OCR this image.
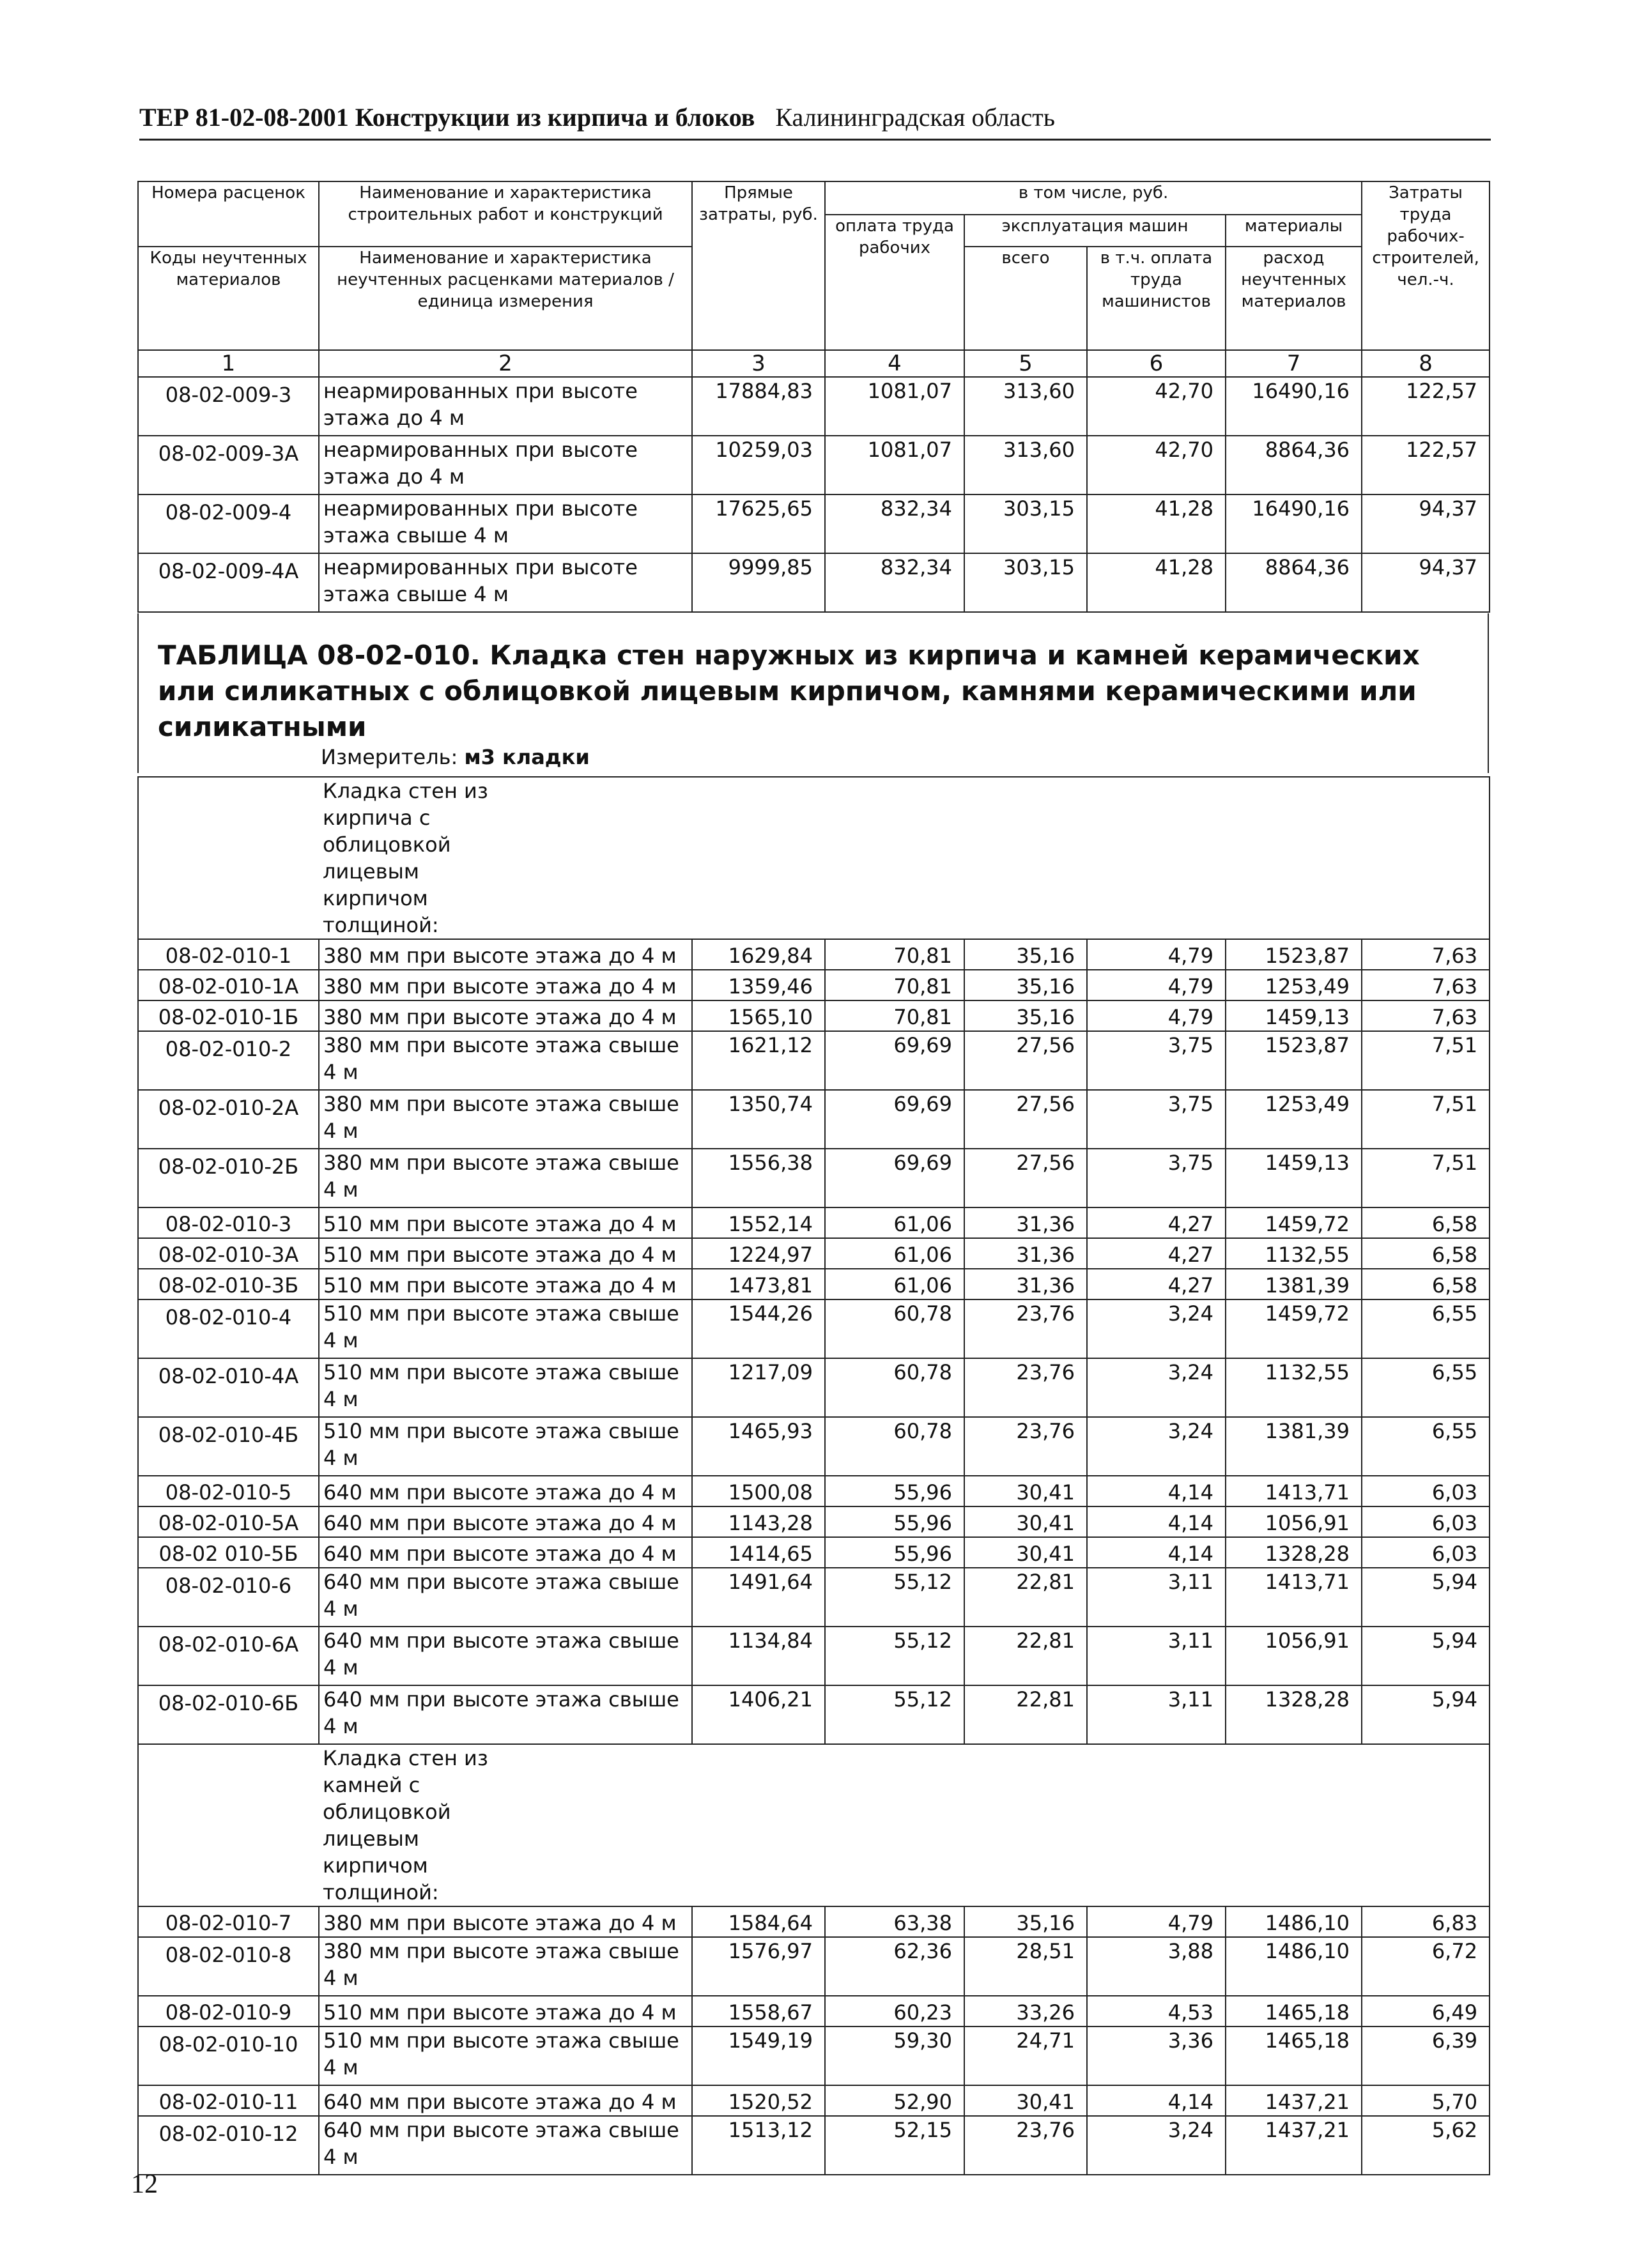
ТЕР 81-02-08-2001 Конструкции из кирпича и блоков Калининградская область
Номера расценок	Наименование и характеристика строительных работ и конструкций	Прямые затраты, руб.	в том числе, руб.				Затраты труда рабочих-строителей, чел.-ч.
			оплата труда рабочих	эксплуатация машин		материалы	
Коды неучтенных материалов	Наименование и характеристика неучтенных расценками материалов / единица измерения			всего	в т.ч. оплата труда машинистов	расход неучтенных материалов	

1	2	3	4	5	6	7	8
08-02-009-3	неармированных при высоте этажа до 4 м	17884,83	1081,07	313,60	42,70	16490,16	122,57
08-02-009-3А	неармированных при высоте этажа до 4 м	10259,03	1081,07	313,60	42,70	8864,36	122,57
08-02-009-4	неармированных при высоте этажа свыше 4 м	17625,65	832,34	303,15	41,28	16490,16	94,37
08-02-009-4А	неармированных при высоте этажа свыше 4 м	9999,85	832,34	303,15	41,28	8864,36	94,37
ТАБЛИЦА 08-02-010. Кладка стен наружных из кирпича и камней керамических или силикатных с облицовкой лицевым кирпичом, камнями керамическими или силикатными
Измеритель: м3 кладки
	Кладка стен из кирпича с облицовкой лицевым кирпичом толщиной:						
08-02-010-1	380 мм при высоте этажа до 4 м	1629,84	70,81	35,16	4,79	1523,87	7,63
08-02-010-1А	380 мм при высоте этажа до 4 м	1359,46	70,81	35,16	4,79	1253,49	7,63
08-02-010-1Б	380 мм при высоте этажа до 4 м	1565,10	70,81	35,16	4,79	1459,13	7,63
08-02-010-2	380 мм при высоте этажа свыше 4 м	1621,12	69,69	27,56	3,75	1523,87	7,51
08-02-010-2А	380 мм при высоте этажа свыше 4 м	1350,74	69,69	27,56	3,75	1253,49	7,51
08-02-010-2Б	380 мм при высоте этажа свыше 4 м	1556,38	69,69	27,56	3,75	1459,13	7,51
08-02-010-3	510 мм при высоте этажа до 4 м	1552,14	61,06	31,36	4,27	1459,72	6,58
08-02-010-3А	510 мм при высоте этажа до 4 м	1224,97	61,06	31,36	4,27	1132,55	6,58
08-02-010-3Б	510 мм при высоте этажа до 4 м	1473,81	61,06	31,36	4,27	1381,39	6,58
08-02-010-4	510 мм при высоте этажа свыше 4 м	1544,26	60,78	23,76	3,24	1459,72	6,55
08-02-010-4А	510 мм при высоте этажа свыше 4 м	1217,09	60,78	23,76	3,24	1132,55	6,55
08-02-010-4Б	510 мм при высоте этажа свыше 4 м	1465,93	60,78	23,76	3,24	1381,39	6,55
08-02-010-5	640 мм при высоте этажа до 4 м	1500,08	55,96	30,41	4,14	1413,71	6,03
08-02-010-5А	640 мм при высоте этажа до 4 м	1143,28	55,96	30,41	4,14	1056,91	6,03
08-02 010-5Б	640 мм при высоте этажа до 4 м	1414,65	55,96	30,41	4,14	1328,28	6,03
08-02-010-6	640 мм при высоте этажа свыше 4 м	1491,64	55,12	22,81	3,11	1413,71	5,94
08-02-010-6А	640 мм при высоте этажа свыше 4 м	1134,84	55,12	22,81	3,11	1056,91	5,94
08-02-010-6Б	640 мм при высоте этажа свыше 4 м	1406,21	55,12	22,81	3,11	1328,28	5,94
	Кладка стен из камней с облицовкой лицевым кирпичом толщиной:						
08-02-010-7	380 мм при высоте этажа до 4 м	1584,64	63,38	35,16	4,79	1486,10	6,83
08-02-010-8	380 мм при высоте этажа свыше 4 м	1576,97	62,36	28,51	3,88	1486,10	6,72
08-02-010-9	510 мм при высоте этажа до 4 м	1558,67	60,23	33,26	4,53	1465,18	6,49
08-02-010-10	510 мм при высоте этажа свыше 4 м	1549,19	59,30	24,71	3,36	1465,18	6,39
08-02-010-11	640 мм при высоте этажа до 4 м	1520,52	52,90	30,41	4,14	1437,21	5,70
08-02-010-12	640 мм при высоте этажа свыше 4 м	1513,12	52,15	23,76	3,24	1437,21	5,62
12
